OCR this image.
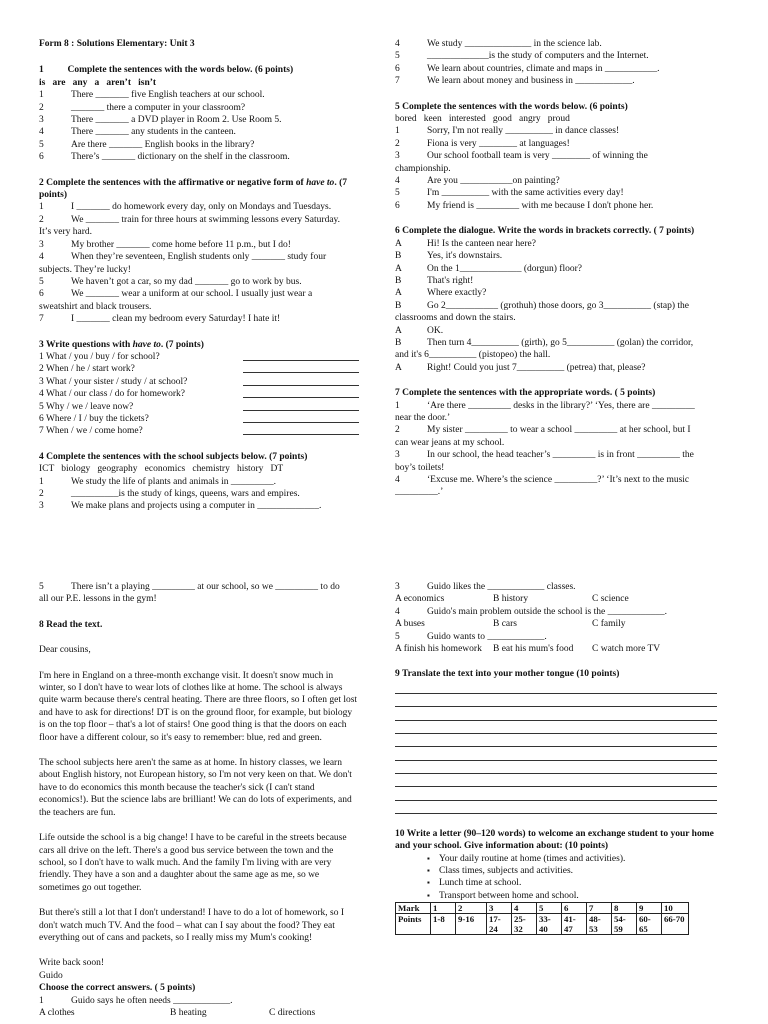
Form 8 : Solutions Elementary: Unit 3

1          Complete the sentences with the words below. (6 points)

is   are   any   a   aren’t   isn’t

1	There _______ five English teachers at our school.
2	_______ there a computer in your classroom?
3	There _______ a DVD player in Room 2. Use Room 5.
4	There _______ any students in the canteen.
5	Are there _______ English books in the library?
6	There’s _______ dictionary on the shelf in the classroom.

2 Complete the sentences with the affirmative or negative form of have to. (7 points)

1	I _______ do homework every day, only on Mondays and Tuesdays.
2	We _______ train for three hours at swimming lessons every Saturday.
It’s very hard.
3	My brother _______ come home before 11 p.m., but I do!
4	When they’re seventeen, English students only _______ study four
subjects. They’re lucky!
5	We haven’t got a car, so my dad _______ go to work by bus.
6	We _______ wear a uniform at our school. I usually just wear a
sweatshirt and black trousers.
7	I _______ clean my bedroom every Saturday! I hate it!

3 Write questions with have to. (7 points)

1 What / you / buy / for school?
2 When / he / start work?
3 What / your sister / study / at school?
4 What / our class / do for homework?
5 Why / we / leave now?
6 Where / I / buy the tickets?
7 When / we / come home?

4 Complete the sentences with the school subjects below. (7 points)

ICT   biology   geography   economics   chemistry   history   DT

1	We study the life of plants and animals in _________.
2	__________is the study of kings, queens, wars and empires.
3	We make plans and projects using a computer in _____________.
4	We study ______________ in the science lab.
5	_____________is the study of computers and the Internet.
6	We learn about countries, climate and maps in ___________.
7	We learn about money and business in ____________.

5 Complete the sentences with the words below. (6 points)

bored   keen   interested   good   angry   proud

1	Sorry, I'm not really __________ in dance classes!
2	Fiona is very ________ at languages!
3	Our school football team is very ________ of winning the
championship.
4	Are you ___________on painting?
5	I'm __________ with the same activities every day!
6	My friend is _________ with me because I don't phone her.

6 Complete the dialogue. Write the words in brackets correctly. ( 7 points)

A	Hi! Is the canteen near here?
B	Yes, it's downstairs.
A	On the 1_____________ (dorgun) floor?
B	That's right!
A	Where exactly?
B	Go 2___________ (grothuh) those doors, go 3__________ (stap) the
classrooms and down the stairs.
A	OK.
B	Then turn 4__________ (girth), go 5__________ (golan) the corridor,
and it's 6__________ (pistopeo) the hall.
A	Right! Could you just 7__________ (petrea) that, please?

7 Complete the sentences with the appropriate words. ( 5 points)

1	‘Are there _________ desks in the library?’ ‘Yes, there are _________
near the door.’
2	My sister _________ to wear a school _________ at her school, but I
can wear jeans at my school.
3	In our school, the head teacher’s _________ is in front _________ the
boy’s toilets!
4	‘Excuse me. Where’s the science _________?’ ‘It’s next to the music
_________.’
5	There isn’t a playing _________ at our school, so we _________ to do
all our P.E. lessons in the gym!

8 Read the text.

Dear cousins,

I'm here in England on a three-month exchange visit. It doesn't snow much in winter, so I don't have to wear lots of clothes like at home. The school is always quite warm because there's central heating. There are three floors, so I often get lost and have to ask for directions! DT is on the ground floor, for example, but biology is on the top floor – that's a lot of stairs! One good thing is that the doors on each floor have a different colour, so it's easy to remember: blue, red and green.

The school subjects here aren't the same as at home. In history classes, we learn about English history, not European history, so I'm not very keen on that. We don't have to do economics this month because the teacher's sick (I can't stand economics!). But the science labs are brilliant! We can do lots of experiments, and the teachers are fun.

Life outside the school is a big change! I have to be careful in the streets because cars all drive on the left. There's a good bus service between the town and the school, so I don't have to walk much. And the family I'm living with are very friendly. They have a son and a daughter about the same age as me, so we sometimes go out together.

But there's still a lot that I don't understand! I have to do a lot of homework, so I don't watch much TV. And the food – what can I say about the food? They eat everything out of cans and packets, so I really miss my Mum's cooking!

Write back soon!

Guido

Choose the correct answers. ( 5 points)

1	Guido says he often needs ____________.
A clothes	B heating	C directions
3	Guido likes the ____________ classes.
A economics	B history	C science
4	Guido's main problem outside the school is the ____________.
A buses	B cars	C family
5	Guido wants to ____________.
A finish his homework B eat his mum's food C watch more TV

9 Translate the text into your mother tongue (10 points)

10 Write a letter (90–120 words) to welcome an exchange student to your home and your school. Give information about: (10 points)

▪ Your daily routine at home (times and activities).
▪ Class times, subjects and activities.
▪ Lunch time at school.
▪ Transport between home and school.
Mark	1	2	3	4	5	6	7	8	9	10
Points	1-8	9-16	17-24	25-32	33-40	41-47	48-53	54-59	60-65	66-70
